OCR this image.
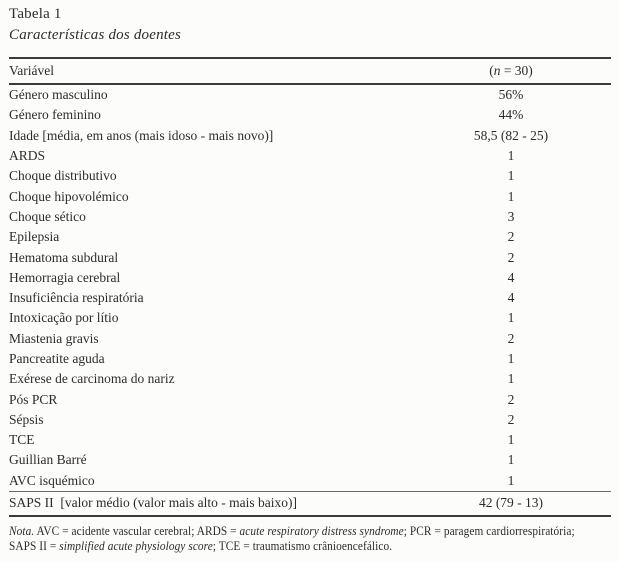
Tabela 1
Características dos doentes
Variável	(n = 30)
Género masculino	56%
Género feminino	44%
Idade [média, em anos (mais idoso - mais novo)]	58,5 (82 - 25)
ARDS	1
Choque distributivo	1
Choque hipovolémico	1
Choque sético	3
Epilepsia	2
Hematoma subdural	2
Hemorragia cerebral	4
Insuficiência respiratória	4
Intoxicação por lítio	1
Miastenia gravis	2
Pancreatite aguda	1
Exérese de carcinoma do nariz	1
Pós PCR	2
Sépsis	2
TCE	1
Guillian Barré	1
AVC isquémico	1
SAPS II  [valor médio (valor mais alto - mais baixo)]	42 (79 - 13)
Nota. AVC = acidente vascular cerebral; ARDS = acute respiratory distress syndrome; PCR = paragem cardiorrespiratória;
SAPS II = simplified acute physiology score; TCE = traumatismo crânioencefálico.
